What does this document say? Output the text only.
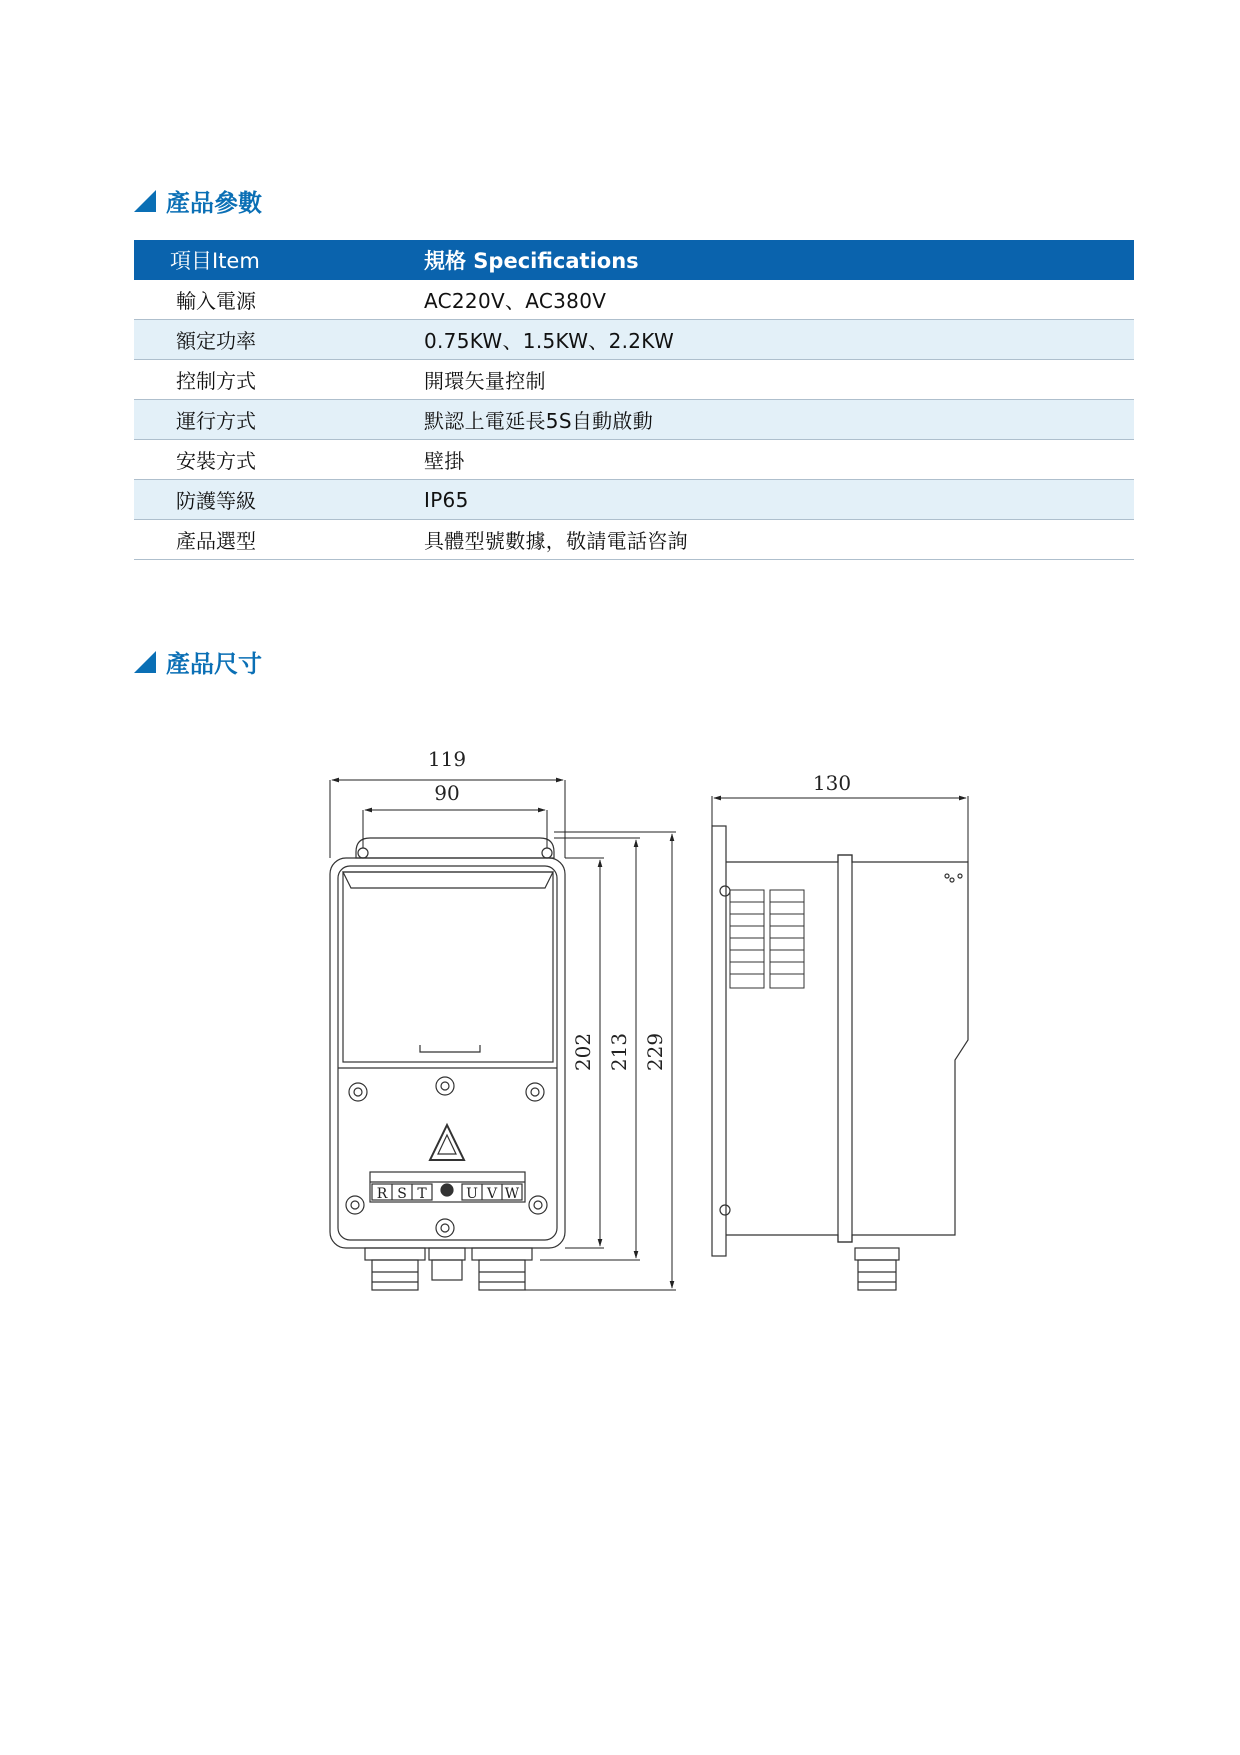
產品參數
項目Item	規格 Specifications
輸入電源	AC220V、AC380V
額定功率	0.75KW、1.5KW、2.2KW
控制方式	開環矢量控制
運行方式	默認上電延長5S自動啟動
安裝方式	壁掛
防護等級	IP65
產品選型	具體型號數據，敬請電話咨詢
產品尺寸
119
90	130
202 213 229
R S T	U V W
